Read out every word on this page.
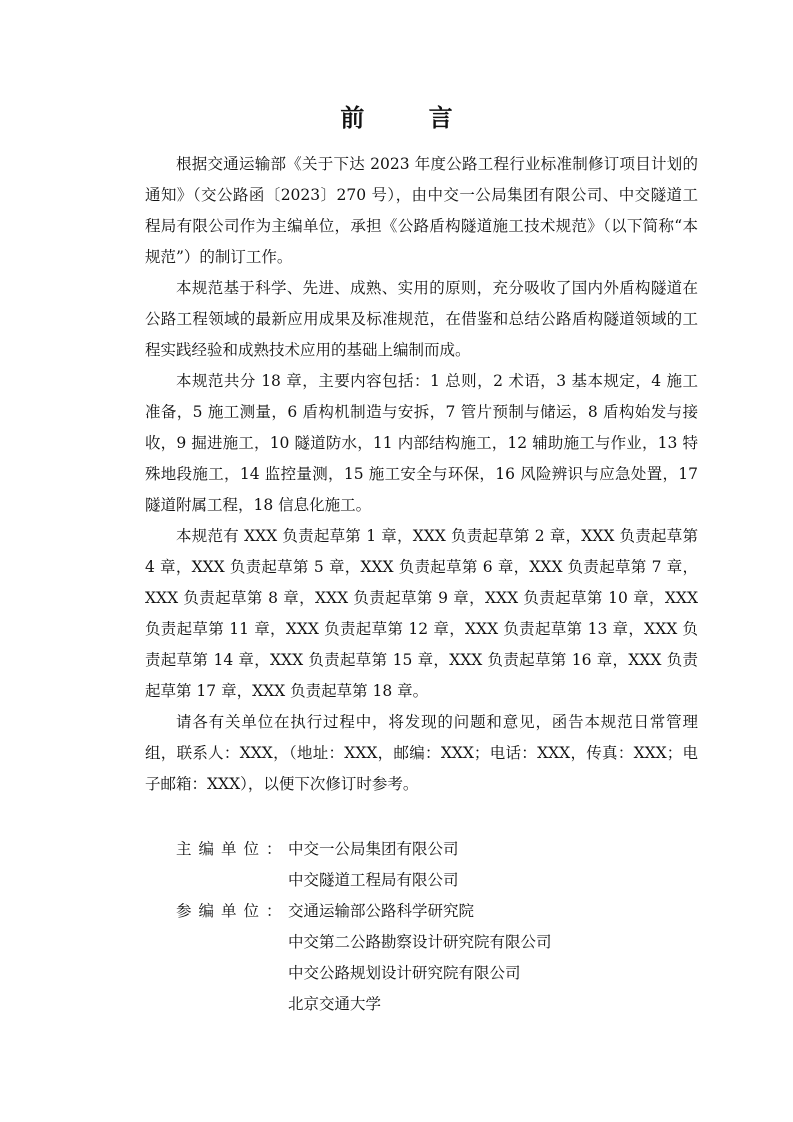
前 言

根据交通运输部《关于下达 2023 年度公路工程行业标准制修订项目计划的通知》（交公路函〔2023〕270 号），由中交一公局集团有限公司、中交隧道工程局有限公司作为主编单位，承担《公路盾构隧道施工技术规范》（以下简称“本规范”）的制订工作。

本规范基于科学、先进、成熟、实用的原则，充分吸收了国内外盾构隧道在公路工程领域的最新应用成果及标准规范，在借鉴和总结公路盾构隧道领域的工程实践经验和成熟技术应用的基础上编制而成。

本规范共分 18 章，主要内容包括：1 总则，2 术语，3 基本规定，4 施工准备，5 施工测量，6 盾构机制造与安拆，7 管片预制与储运，8 盾构始发与接收，9 掘进施工，10 隧道防水，11 内部结构施工，12 辅助施工与作业，13 特殊地段施工，14 监控量测，15 施工安全与环保，16 风险辨识与应急处置，17 隧道附属工程，18 信息化施工。

本规范有 XXX 负责起草第 1 章，XXX 负责起草第 2 章，XXX 负责起草第 4 章，XXX 负责起草第 5 章，XXX 负责起草第 6 章，XXX 负责起草第 7 章，XXX 负责起草第 8 章，XXX 负责起草第 9 章，XXX 负责起草第 10 章，XXX 负责起草第 11 章，XXX 负责起草第 12 章，XXX 负责起草第 13 章，XXX 负责起草第 14 章，XXX 负责起草第 15 章，XXX 负责起草第 16 章，XXX 负责起草第 17 章，XXX 负责起草第 18 章。

请各有关单位在执行过程中，将发现的问题和意见，函告本规范日常管理组，联系人：XXX，（地址：XXX，邮编：XXX；电话：XXX，传真：XXX；电子邮箱：XXX），以便下次修订时参考。

主编单位： 中交一公局集团有限公司
中交隧道工程局有限公司
参编单位： 交通运输部公路科学研究院
中交第二公路勘察设计研究院有限公司
中交公路规划设计研究院有限公司
北京交通大学
